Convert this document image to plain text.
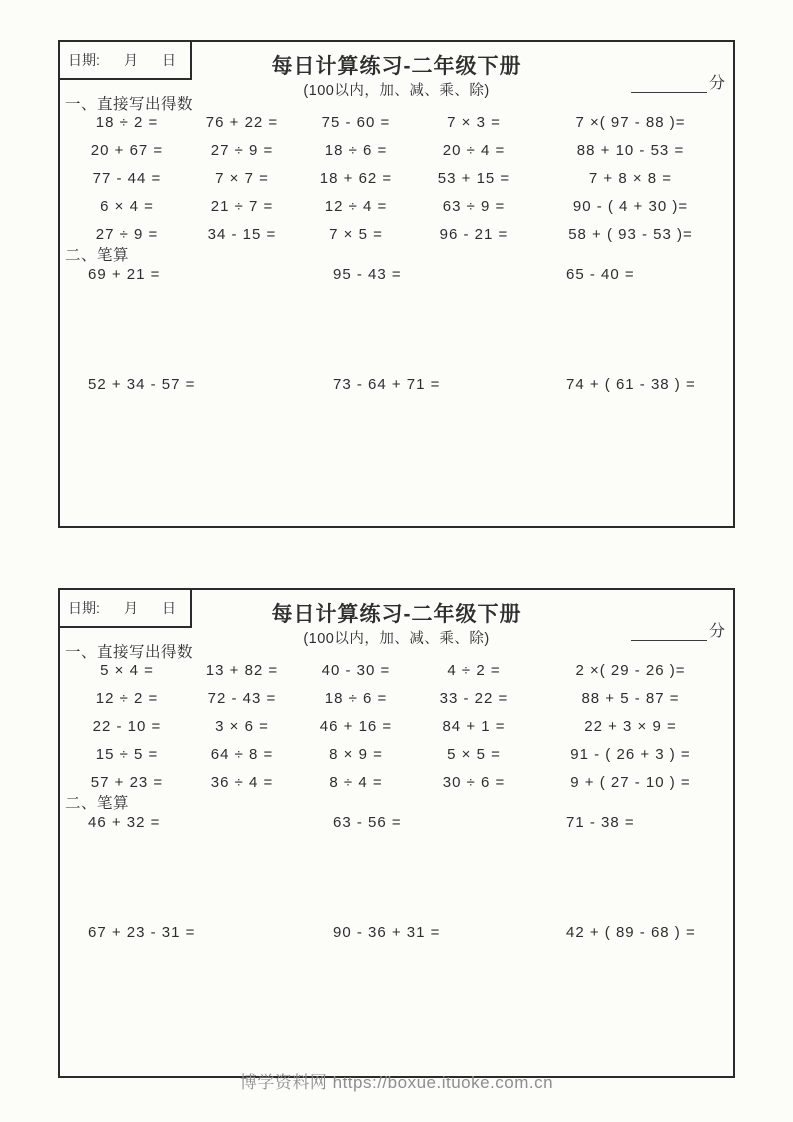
日期: 月 日	每日计算练习-二年级下册
(100以内，加、减、乘、除)	分
一、直接写出得数
18 ÷ 2 =	76 + 22 =	75 - 60 =	7 × 3 =	7 ×( 97 - 88 )=
20 + 67 =	27 ÷ 9 =	18 ÷ 6 =	20 ÷ 4 =	88 + 10 - 53 =
77 - 44 =	7 × 7 =	18 + 62 =	53 + 15 =	7 + 8 × 8 =
6 × 4 =	21 ÷ 7 =	12 ÷ 4 =	63 ÷ 9 =	90 - ( 4 + 30 )=
27 ÷ 9 =	34 - 15 =	7 × 5 =	96 - 21 =	58 + ( 93 - 53 )=
二、笔算
69 + 21 =	95 - 43 =	65 - 40 =
52 + 34 - 57 =	73 - 64 + 71 =	74 + ( 61 - 38 ) =
日期: 月 日	每日计算练习-二年级下册
(100以内，加、减、乘、除)	分
一、直接写出得数
5 × 4 =	13 + 82 =	40 - 30 =	4 ÷ 2 =	2 ×( 29 - 26 )=
12 ÷ 2 =	72 - 43 =	18 ÷ 6 =	33 - 22 =	88 + 5 - 87 =
22 - 10 =	3 × 6 =	46 + 16 =	84 + 1 =	22 + 3 × 9 =
15 ÷ 5 =	64 ÷ 8 =	8 × 9 =	5 × 5 =	91 - ( 26 + 3 ) =
57 + 23 =	36 ÷ 4 =	8 ÷ 4 =	30 ÷ 6 =	9 + ( 27 - 10 ) =
二、笔算
46 + 32 =	63 - 56 =	71 - 38 =
67 + 23 - 31 =	90 - 36 + 31 =	42 + ( 89 - 68 ) =
博学资料网 https://boxue.ituoke.com.cn
